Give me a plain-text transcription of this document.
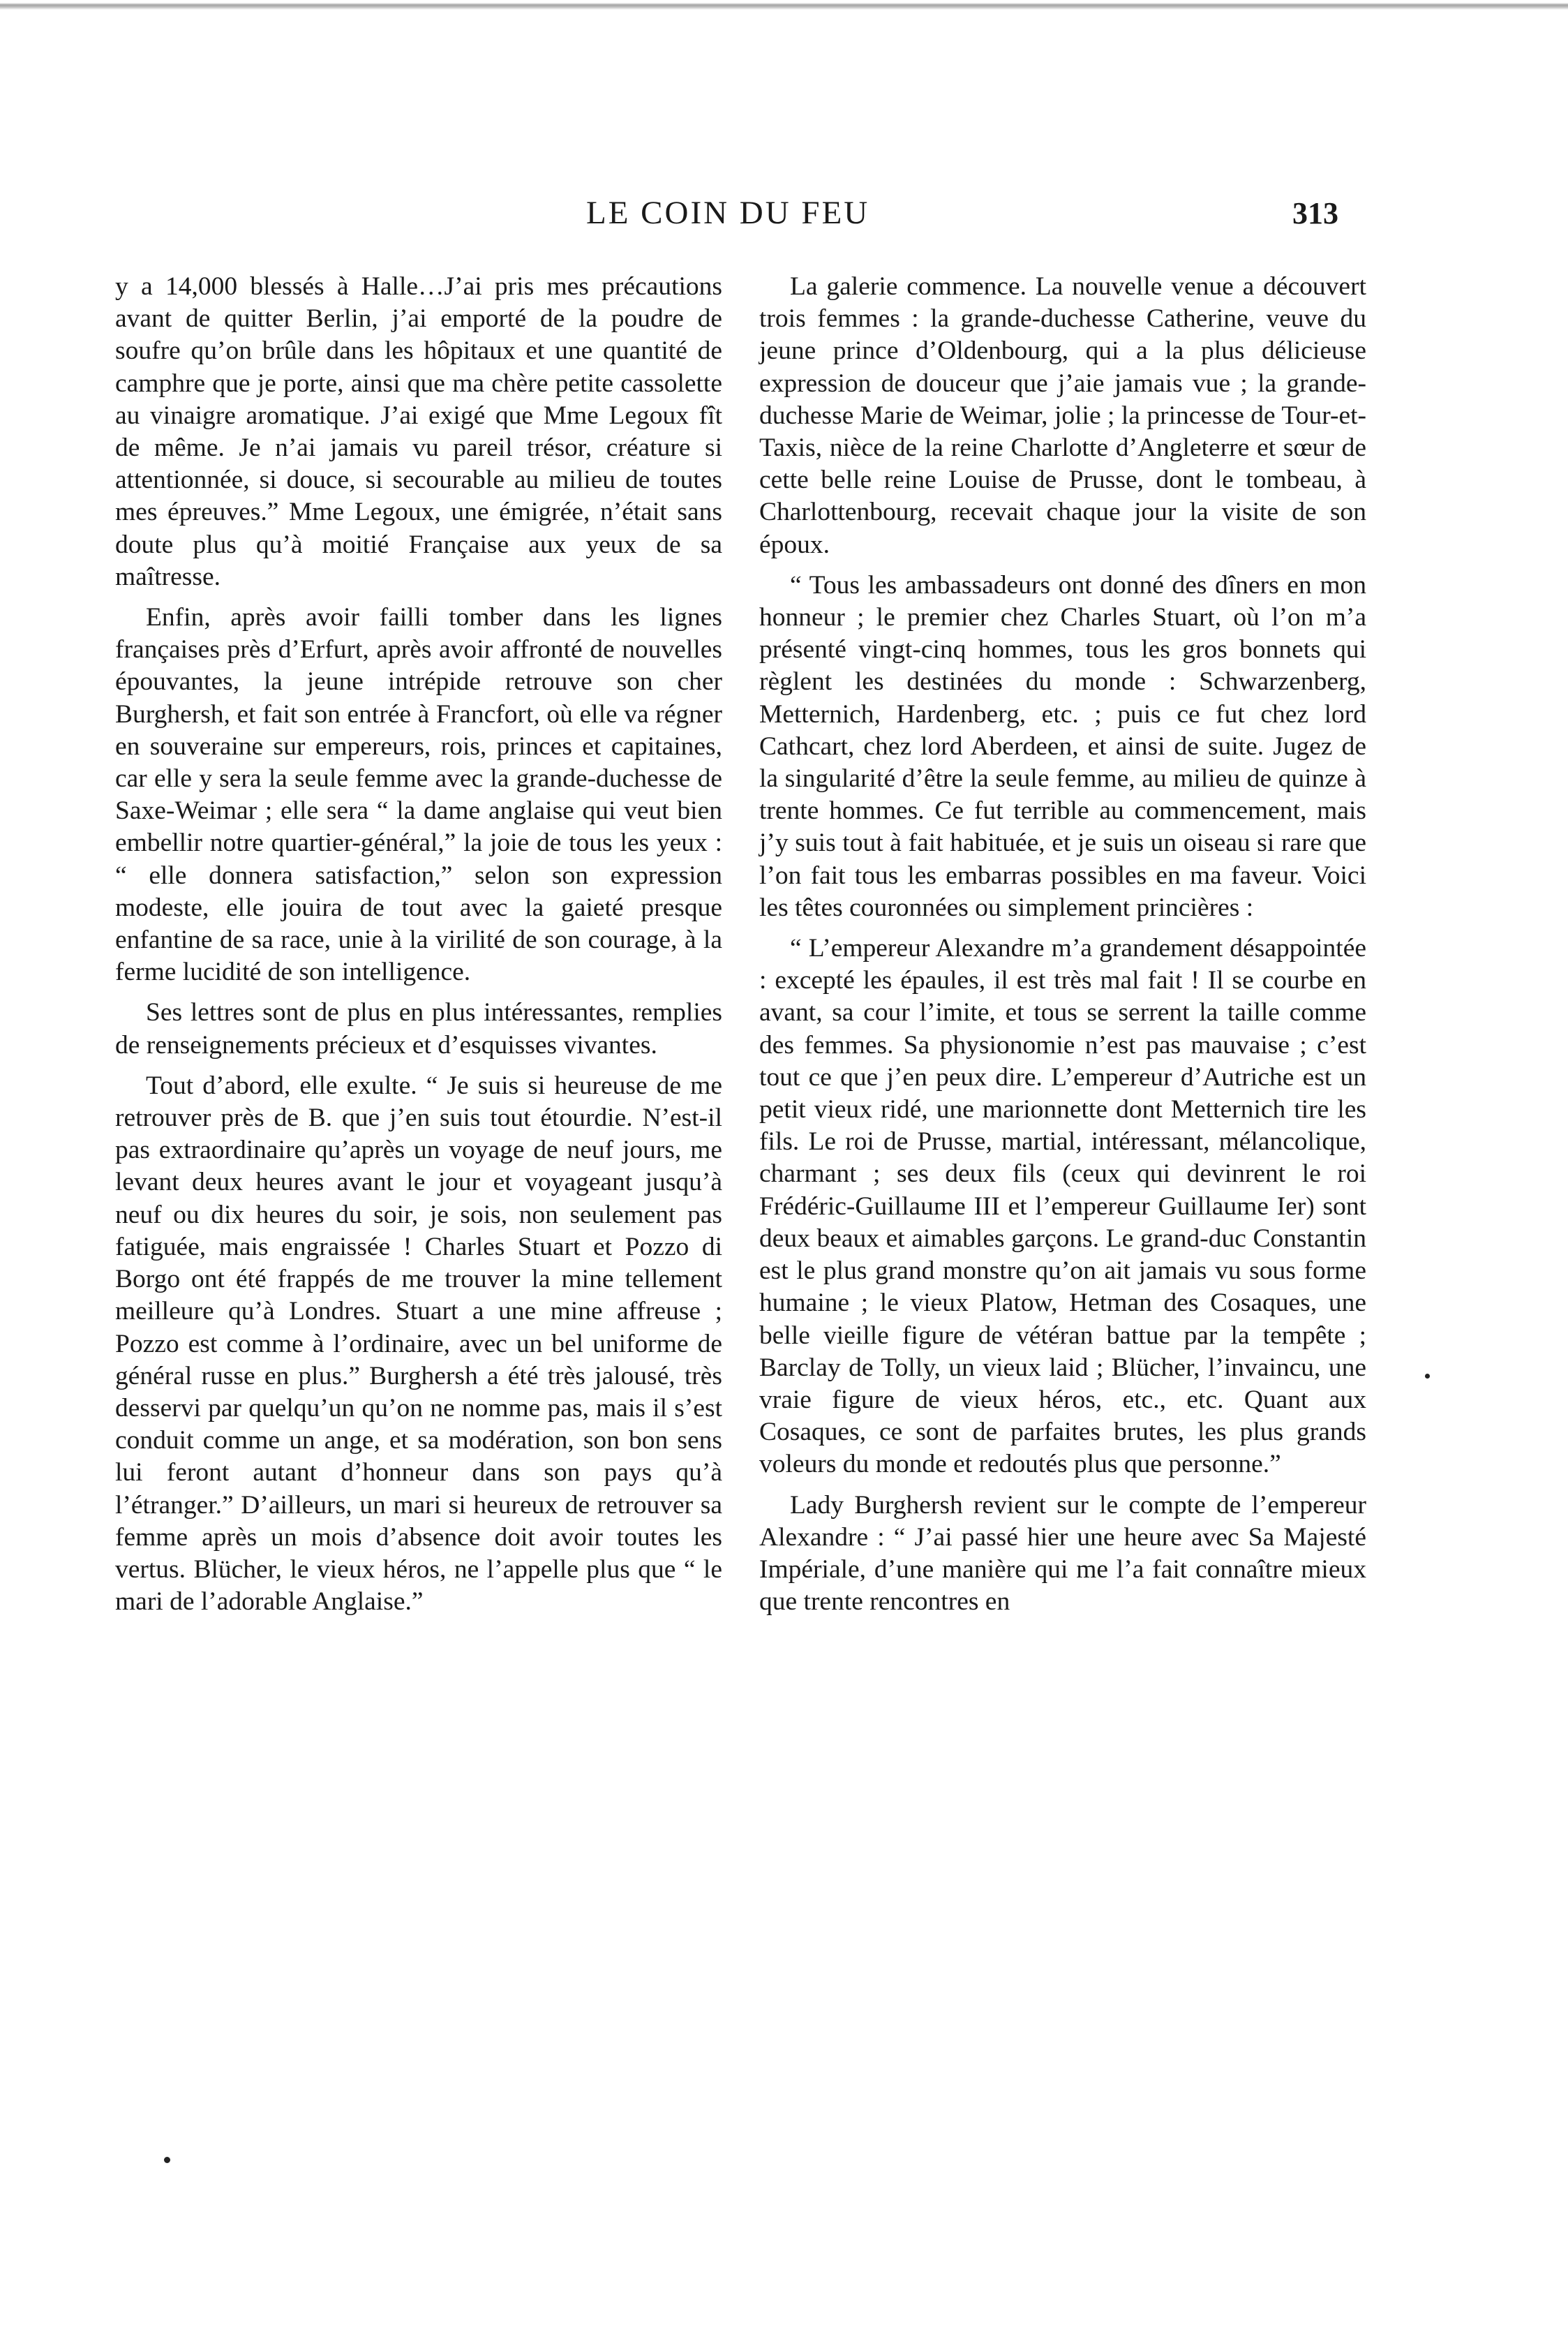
LE COIN DU FEU	313

y a 14,000 blessés à Halle…J’ai pris mes précautions avant de quitter Berlin, j’ai emporté de la poudre de soufre qu’on brûle dans les hôpitaux et une quantité de camphre que je porte, ainsi que ma chère petite cassolette au vinaigre aromatique. J’ai exigé que Mme Legoux fît de même. Je n’ai jamais vu pareil trésor, créature si attentionnée, si douce, si secourable au milieu de toutes mes épreuves.” Mme Legoux, une émigrée, n’était sans doute plus qu’à moitié Française aux yeux de sa maîtresse.

Enfin, après avoir failli tomber dans les lignes françaises près d’Erfurt, après avoir affronté de nouvelles épouvantes, la jeune intrépide retrouve son cher Burghersh, et fait son entrée à Francfort, où elle va régner en souveraine sur empereurs, rois, princes et capitaines, car elle y sera la seule femme avec la grande-duchesse de Saxe-Weimar ; elle sera “ la dame anglaise qui veut bien embellir notre quartier-général,” la joie de tous les yeux : “ elle donnera satisfaction,” selon son expression modeste, elle jouira de tout avec la gaieté presque enfantine de sa race, unie à la virilité de son courage, à la ferme lucidité de son intelligence.

Ses lettres sont de plus en plus intéressantes, remplies de renseignements précieux et d’esquisses vivantes.

Tout d’abord, elle exulte. “ Je suis si heureuse de me retrouver près de B. que j’en suis tout étourdie. N’est-il pas extraordinaire qu’après un voyage de neuf jours, me levant deux heures avant le jour et voyageant jusqu’à neuf ou dix heures du soir, je sois, non seulement pas fatiguée, mais engraissée ! Charles Stuart et Pozzo di Borgo ont été frappés de me trouver la mine tellement meilleure qu’à Londres. Stuart a une mine affreuse ; Pozzo est comme à l’ordinaire, avec un bel uniforme de général russe en plus.” Burghersh a été très jalousé, très desservi par quelqu’un qu’on ne nomme pas, mais il s’est conduit comme un ange, et sa modération, son bon sens lui feront autant d’honneur dans son pays qu’à l’étranger.” D’ailleurs, un mari si heureux de retrouver sa femme après un mois d’absence doit avoir toutes les vertus. Blücher, le vieux héros, ne l’appelle plus que “ le mari de l’adorable Anglaise.”

La galerie commence. La nouvelle venue a découvert trois femmes : la grande-duchesse Catherine, veuve du jeune prince d’Oldenbourg, qui a la plus délicieuse expression de douceur que j’aie jamais vue ; la grande-duchesse Marie de Weimar, jolie ; la princesse de Tour-et-Taxis, nièce de la reine Charlotte d’Angleterre et sœur de cette belle reine Louise de Prusse, dont le tombeau, à Charlottenbourg, recevait chaque jour la visite de son époux.

“ Tous les ambassadeurs ont donné des dîners en mon honneur ; le premier chez Charles Stuart, où l’on m’a présenté vingt-cinq hommes, tous les gros bonnets qui règlent les destinées du monde : Schwarzenberg, Metternich, Hardenberg, etc. ; puis ce fut chez lord Cathcart, chez lord Aberdeen, et ainsi de suite. Jugez de la singularité d’être la seule femme, au milieu de quinze à trente hommes. Ce fut terrible au commencement, mais j’y suis tout à fait habituée, et je suis un oiseau si rare que l’on fait tous les embarras possibles en ma faveur. Voici les têtes couronnées ou simplement princières :

“ L’empereur Alexandre m’a grandement désappointée : excepté les épaules, il est très mal fait ! Il se courbe en avant, sa cour l’imite, et tous se serrent la taille comme des femmes. Sa physionomie n’est pas mauvaise ; c’est tout ce que j’en peux dire. L’empereur d’Autriche est un petit vieux ridé, une marionnette dont Metternich tire les fils. Le roi de Prusse, martial, intéressant, mélancolique, charmant ; ses deux fils (ceux qui devinrent le roi Frédéric-Guillaume III et l’empereur Guillaume Ier) sont deux beaux et aimables garçons. Le grand-duc Constantin est le plus grand monstre qu’on ait jamais vu sous forme humaine ; le vieux Platow, Hetman des Cosaques, une belle vieille figure de vétéran battue par la tempête ; Barclay de Tolly, un vieux laid ; Blücher, l’invaincu, une vraie figure de vieux héros, etc., etc. Quant aux Cosaques, ce sont de parfaites brutes, les plus grands voleurs du monde et redoutés plus que personne.”

Lady Burghersh revient sur le compte de l’empereur Alexandre : “ J’ai passé hier une heure avec Sa Majesté Impériale, d’une manière qui me l’a fait connaître mieux que trente rencontres en
